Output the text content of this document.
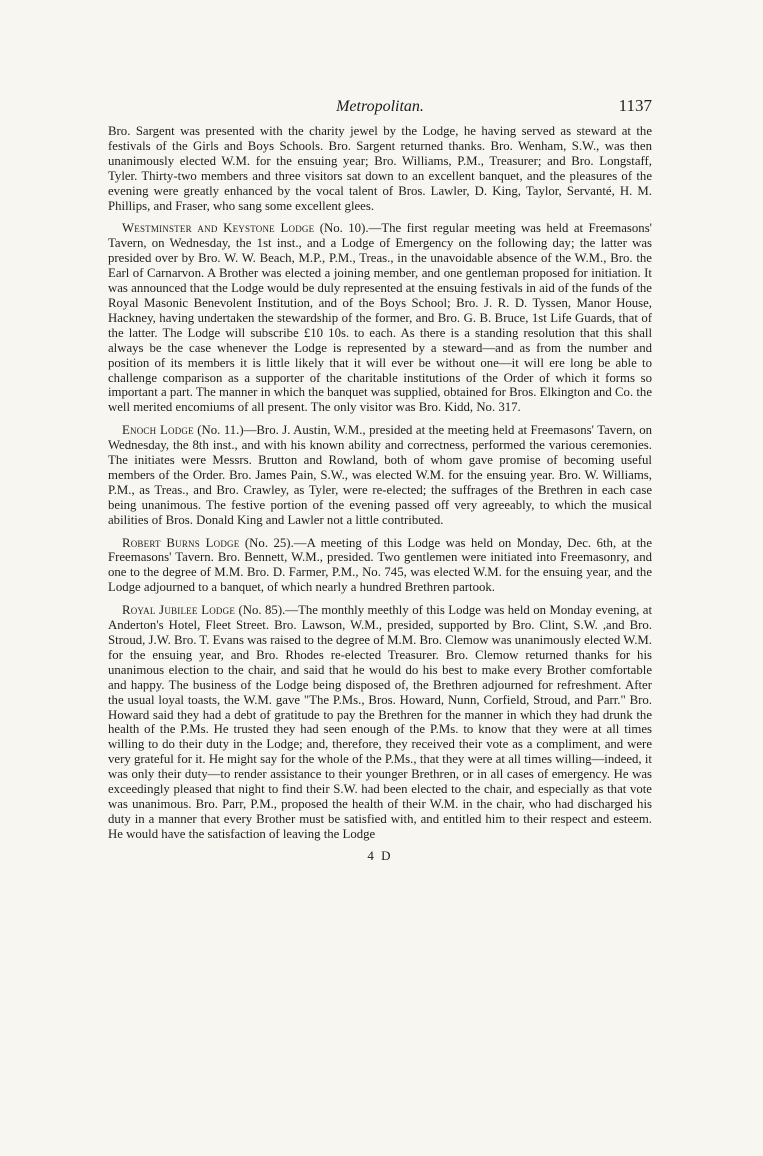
Metropolitan.	1137

Bro. Sargent was presented with the charity jewel by the Lodge, he having served as steward at the festivals of the Girls and Boys Schools. Bro. Sargent returned thanks. Bro. Wenham, S.W., was then unanimously elected W.M. for the ensuing year; Bro. Williams, P.M., Treasurer; and Bro. Longstaff, Tyler. Thirty-two members and three visitors sat down to an excellent banquet, and the pleasures of the evening were greatly enhanced by the vocal talent of Bros. Lawler, D. King, Taylor, Servanté, H. M. Phillips, and Fraser, who sang some excellent glees.

Westminster and Keystone Lodge (No. 10).—The first regular meeting was held at Freemasons' Tavern, on Wednesday, the 1st inst., and a Lodge of Emergency on the following day; the latter was presided over by Bro. W. W. Beach, M.P., P.M., Treas., in the unavoidable absence of the W.M., Bro. the Earl of Carnarvon. A Brother was elected a joining member, and one gentleman proposed for initiation. It was announced that the Lodge would be duly represented at the ensuing festivals in aid of the funds of the Royal Masonic Benevolent Institution, and of the Boys School; Bro. J. R. D. Tyssen, Manor House, Hackney, having undertaken the stewardship of the former, and Bro. G. B. Bruce, 1st Life Guards, that of the latter. The Lodge will subscribe £10 10s. to each. As there is a standing resolution that this shall always be the case whenever the Lodge is represented by a steward—and as from the number and position of its members it is little likely that it will ever be without one—it will ere long be able to challenge comparison as a supporter of the charitable institutions of the Order of which it forms so important a part. The manner in which the banquet was supplied, obtained for Bros. Elkington and Co. the well merited encomiums of all present. The only visitor was Bro. Kidd, No. 317.

Enoch Lodge (No. 11.)—Bro. J. Austin, W.M., presided at the meeting held at Freemasons' Tavern, on Wednesday, the 8th inst., and with his known ability and correctness, performed the various ceremonies. The initiates were Messrs. Brutton and Rowland, both of whom gave promise of becoming useful members of the Order. Bro. James Pain, S.W., was elected W.M. for the ensuing year. Bro. W. Williams, P.M., as Treas., and Bro. Crawley, as Tyler, were re-elected; the suffrages of the Brethren in each case being unanimous. The festive portion of the evening passed off very agreeably, to which the musical abilities of Bros. Donald King and Lawler not a little contributed.

Robert Burns Lodge (No. 25).—A meeting of this Lodge was held on Monday, Dec. 6th, at the Freemasons' Tavern. Bro. Bennett, W.M., presided. Two gentlemen were initiated into Freemasonry, and one to the degree of M.M. Bro. D. Farmer, P.M., No. 745, was elected W.M. for the ensuing year, and the Lodge adjourned to a banquet, of which nearly a hundred Brethren partook.

Royal Jubilee Lodge (No. 85).—The monthly meethly of this Lodge was held on Monday evening, at Anderton's Hotel, Fleet Street. Bro. Lawson, W.M., presided, supported by Bro. Clint, S.W. ,and Bro. Stroud, J.W. Bro. T. Evans was raised to the degree of M.M. Bro. Clemow was unanimously elected W.M. for the ensuing year, and Bro. Rhodes re-elected Treasurer. Bro. Clemow returned thanks for his unanimous election to the chair, and said that he would do his best to make every Brother comfortable and happy. The business of the Lodge being disposed of, the Brethren adjourned for refreshment. After the usual loyal toasts, the W.M. gave "The P.Ms., Bros. Howard, Nunn, Corfield, Stroud, and Parr." Bro. Howard said they had a debt of gratitude to pay the Brethren for the manner in which they had drunk the health of the P.Ms. He trusted they had seen enough of the P.Ms. to know that they were at all times willing to do their duty in the Lodge; and, therefore, they received their vote as a compliment, and were very grateful for it. He might say for the whole of the P.Ms., that they were at all times willing—indeed, it was only their duty—to render assistance to their younger Brethren, or in all cases of emergency. He was exceedingly pleased that night to find their S.W. had been elected to the chair, and especially as that vote was unanimous. Bro. Parr, P.M., proposed the health of their W.M. in the chair, who had discharged his duty in a manner that every Brother must be satisfied with, and entitled him to their respect and esteem. He would have the satisfaction of leaving the Lodge

4 D
